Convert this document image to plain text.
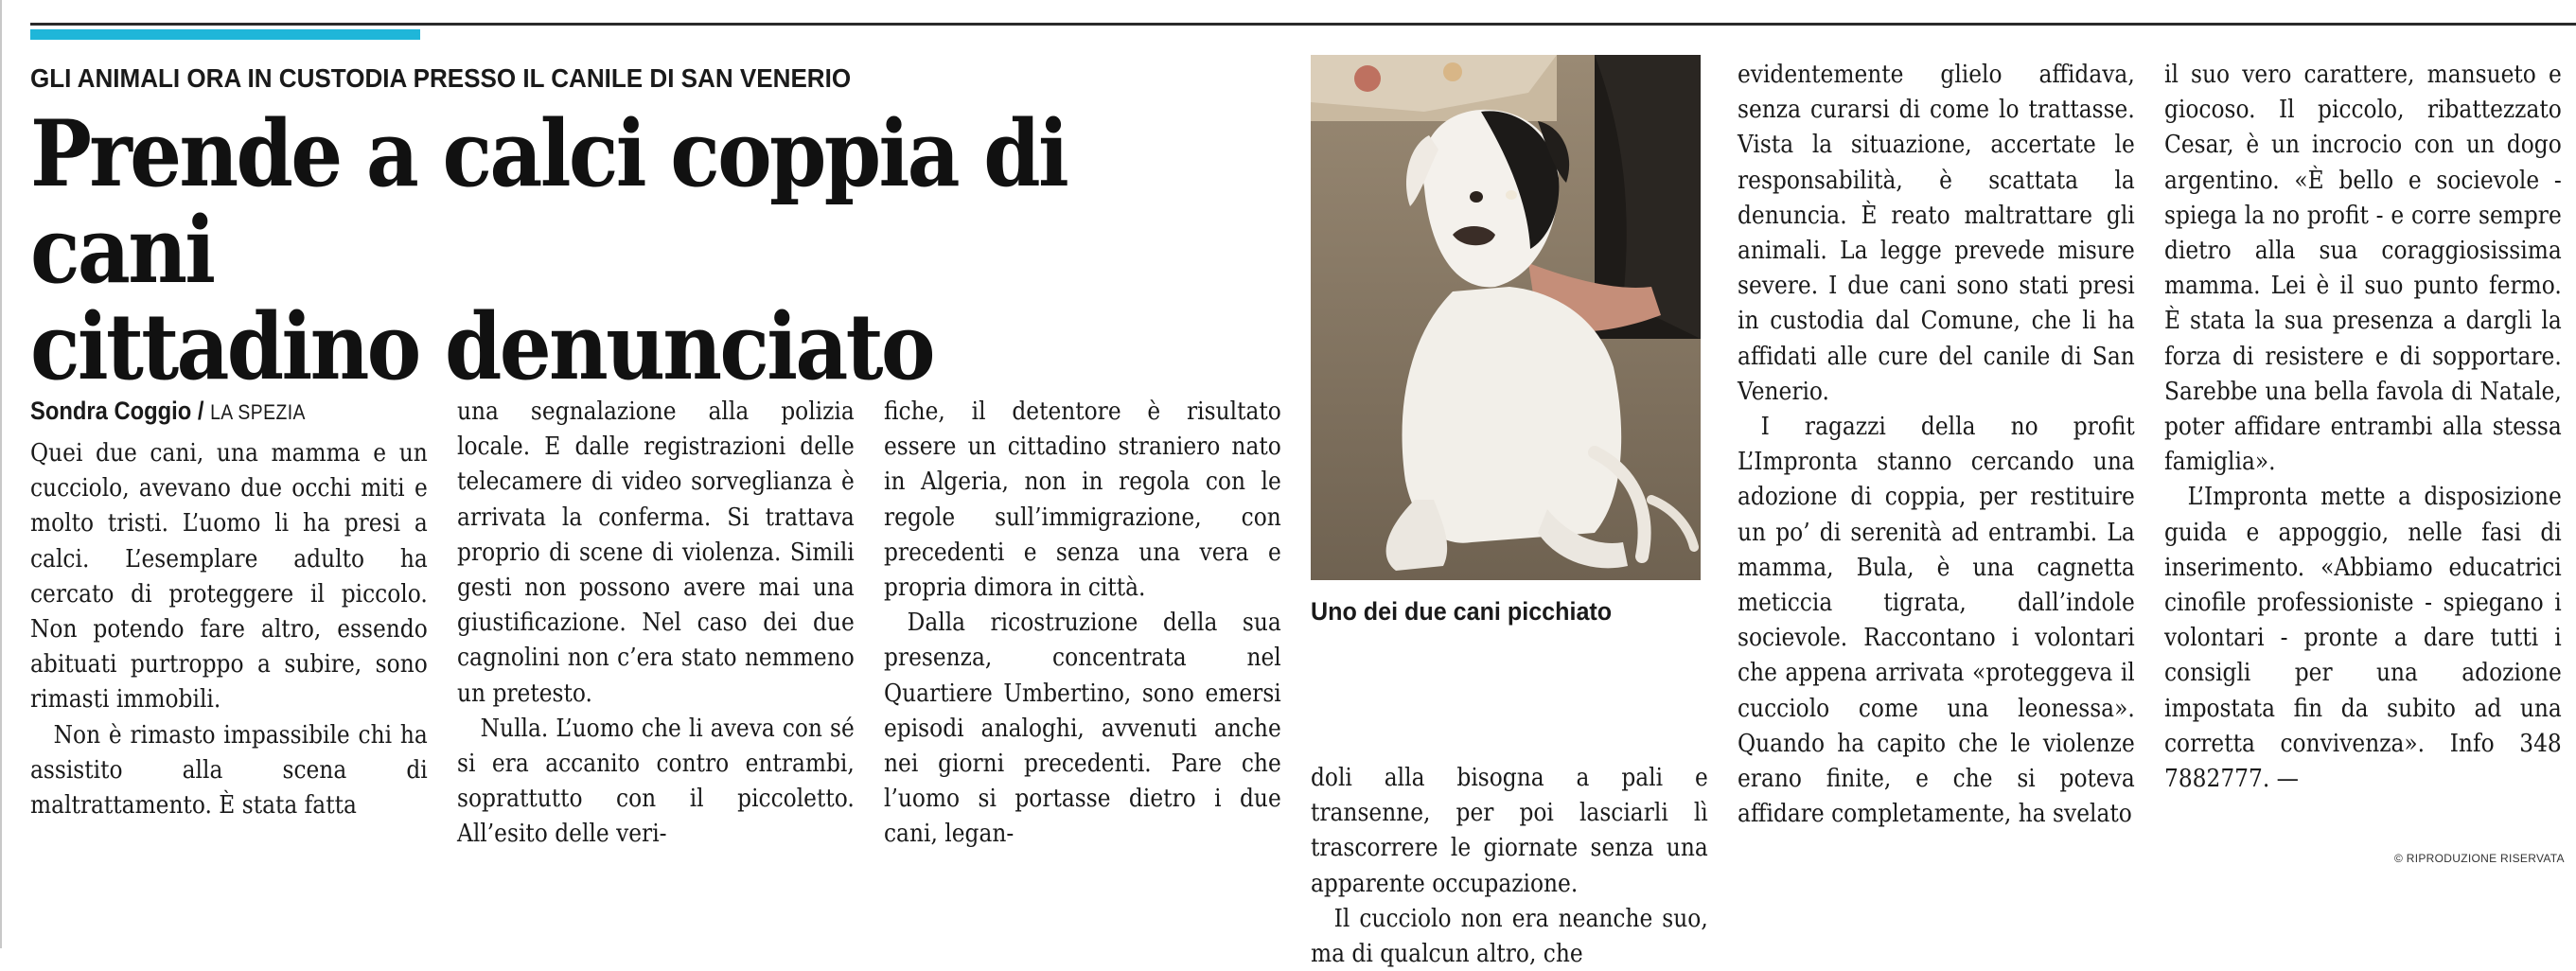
GLI ANIMALI ORA IN CUSTODIA PRESSO IL CANILE DI SAN VENERIO
Prende a calci coppia di cani
cittadino denunciato
Sondra Coggio / LA SPEZIA

Quei due cani, una mamma e un cucciolo, avevano due occhi miti e molto tristi. L’uomo li ha presi a calci. L’esemplare adulto ha cercato di proteggere il piccolo. Non potendo fare altro, essendo abituati purtroppo a subire, sono rimasti immobili.

Non è rimasto impassibile chi ha assistito alla scena di maltrattamento. È stata fatta

una segnalazione alla polizia locale. E dalle registrazioni delle telecamere di video sorveglianza è arrivata la conferma. Si trattava proprio di scene di violenza. Simili gesti non possono avere mai una giustificazione. Nel caso dei due cagnolini non c’era stato nemmeno un pretesto.

Nulla. L’uomo che li aveva con sé si era accanito contro entrambi, soprattutto con il piccoletto. All’esito delle veri-

fiche, il detentore è risultato essere un cittadino straniero nato in Algeria, non in regola con le regole sull’immigrazione, con precedenti e senza una vera e propria dimora in città.

Dalla ricostruzione della sua presenza, concentrata nel Quartiere Umbertino, sono emersi episodi analoghi, avvenuti anche nei giorni precedenti. Pare che l’uomo si portasse dietro i due cani, legan-

Uno dei due cani picchiato

doli alla bisogna a pali e transenne, per poi lasciarli lì trascorrere le giornate senza una apparente occupazione.

Il cucciolo non era neanche suo, ma di qualcun altro, che

evidentemente glielo affidava, senza curarsi di come lo trattasse. Vista la situazione, accertate le responsabilità, è scattata la denuncia. È reato maltrattare gli animali. La legge prevede misure severe. I due cani sono stati presi in custodia dal Comune, che li ha affidati alle cure del canile di San Venerio.

I ragazzi della no profit L’Impronta stanno cercando una adozione di coppia, per restituire un po’ di serenità ad entrambi. La mamma, Bula, è una cagnetta meticcia tigrata, dall’indole socievole. Raccontano i volontari che appena arrivata «proteggeva il cucciolo come una leonessa». Quando ha capito che le violenze erano finite, e che si poteva affidare completamente, ha svelato

il suo vero carattere, mansueto e giocoso. Il piccolo, ribattezzato Cesar, è un incrocio con un dogo argentino. «È bello e socievole - spiega la no profit - e corre sempre dietro alla sua coraggiosissima mamma. Lei è il suo punto fermo. È stata la sua presenza a dargli la forza di resistere e di sopportare. Sarebbe una bella favola di Natale, poter affidare entrambi alla stessa famiglia».

L’Impronta mette a disposizione guida e appoggio, nelle fasi di inserimento. «Abbiamo educatrici cinofile professioniste - spiegano i volontari - pronte a dare tutti i consigli per una adozione impostata fin da subito ad una corretta convivenza». Info 348 7882777. —

© RIPRODUZIONE RISERVATA
